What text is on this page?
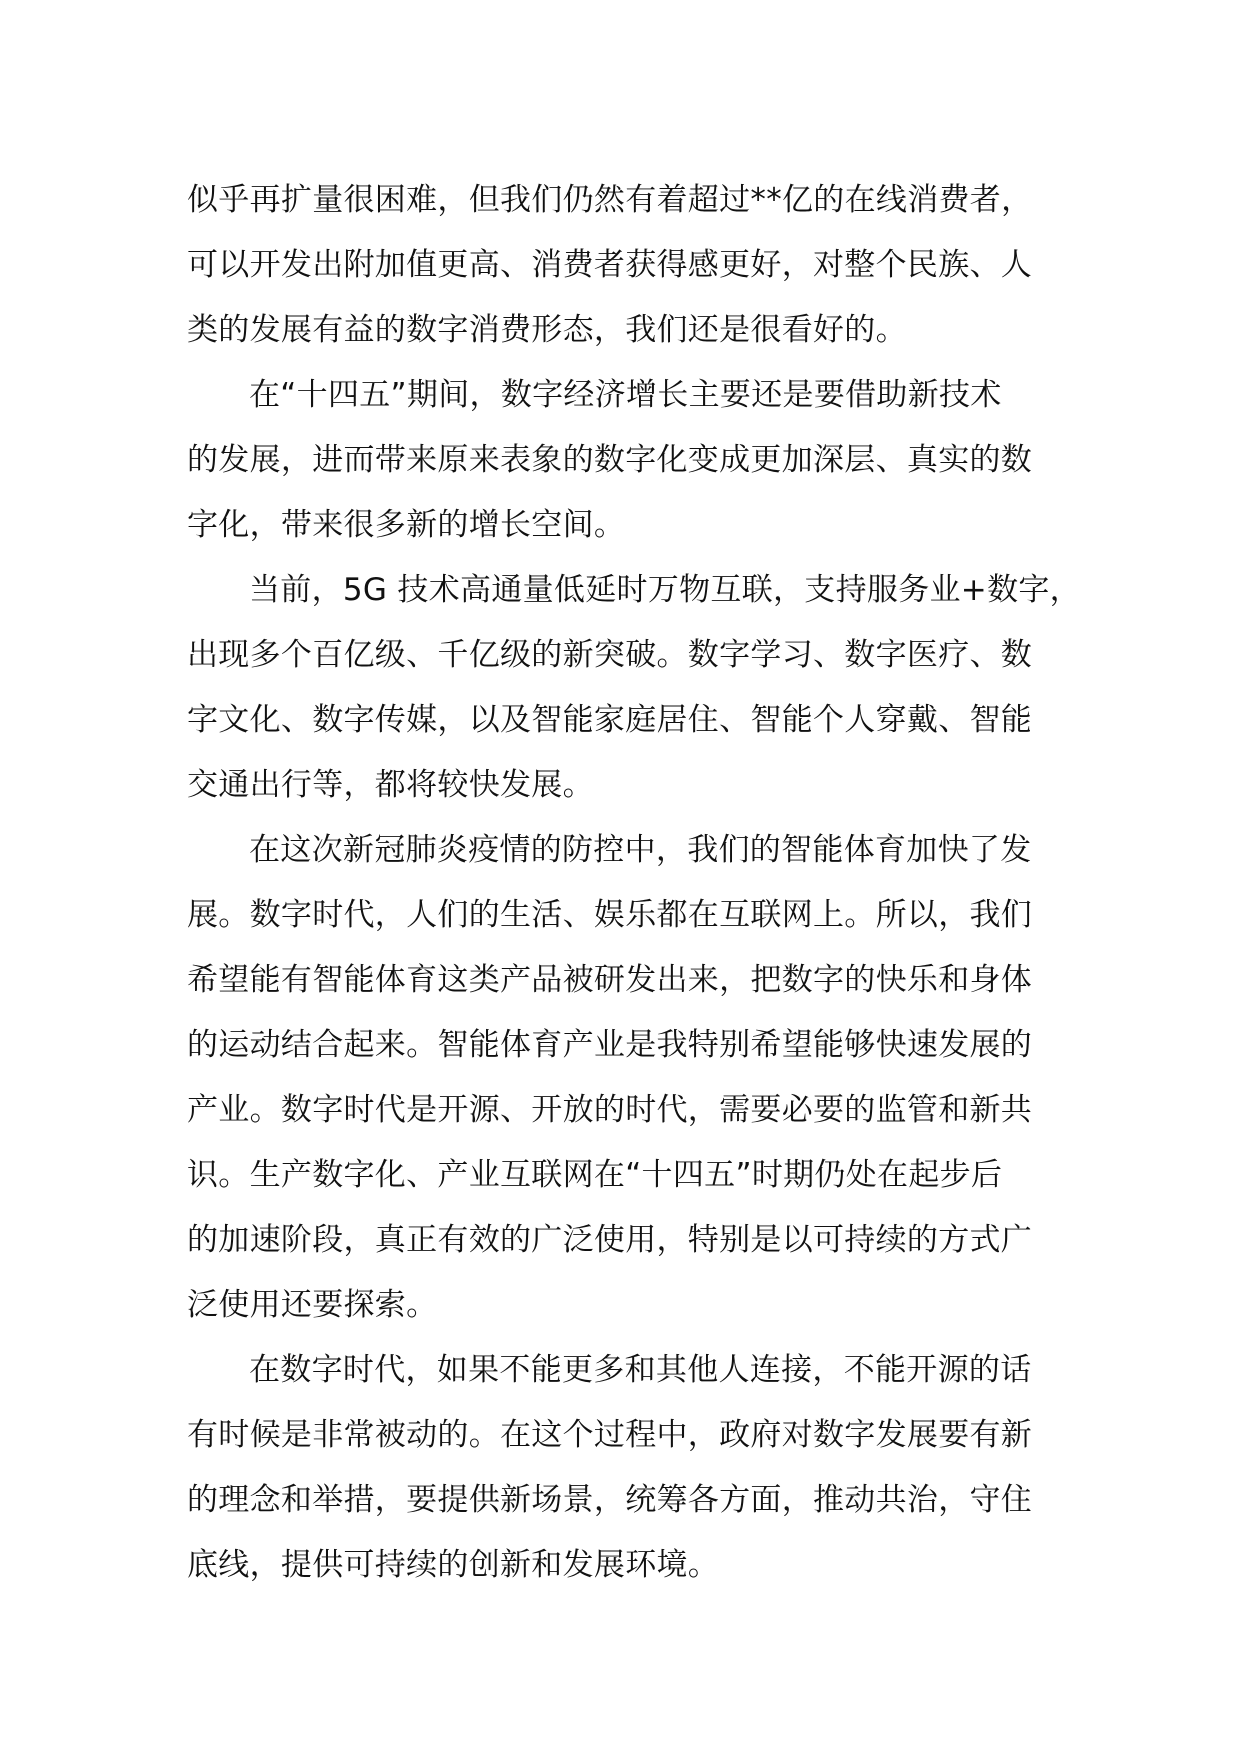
似乎再扩量很困难，但我们仍然有着超过**亿的在线消费者，
可以开发出附加值更高、消费者获得感更好，对整个民族、人
类的发展有益的数字消费形态，我们还是很看好的。

在“十四五”期间，数字经济增长主要还是要借助新技术
的发展，进而带来原来表象的数字化变成更加深层、真实的数
字化，带来很多新的增长空间。

当前，5G 技术高通量低延时万物互联，支持服务业+数字，
出现多个百亿级、千亿级的新突破。数字学习、数字医疗、数
字文化、数字传媒，以及智能家庭居住、智能个人穿戴、智能
交通出行等，都将较快发展。

在这次新冠肺炎疫情的防控中，我们的智能体育加快了发
展。数字时代，人们的生活、娱乐都在互联网上。所以，我们
希望能有智能体育这类产品被研发出来，把数字的快乐和身体
的运动结合起来。智能体育产业是我特别希望能够快速发展的
产业。数字时代是开源、开放的时代，需要必要的监管和新共
识。生产数字化、产业互联网在“十四五”时期仍处在起步后
的加速阶段，真正有效的广泛使用，特别是以可持续的方式广
泛使用还要探索。

在数字时代，如果不能更多和其他人连接，不能开源的话
有时候是非常被动的。在这个过程中，政府对数字发展要有新
的理念和举措，要提供新场景，统筹各方面，推动共治，守住
底线，提供可持续的创新和发展环境。
